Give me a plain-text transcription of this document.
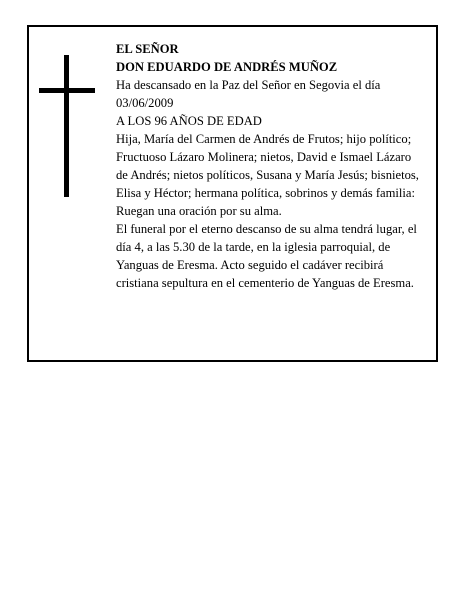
EL SEÑOR

DON EDUARDO DE ANDRÉS MUÑOZ

Ha descansado en la Paz del Señor en Segovia el día 03/06/2009

A LOS 96 AÑOS DE EDAD

Hija, María del Carmen de Andrés de Frutos; hijo político; Fructuoso Lázaro Molinera; nietos, David e Ismael Lázaro de Andrés; nietos políticos, Susana y María Jesús; bisnietos, Elisa y Héctor; hermana política, sobrinos y demás familia:

Ruegan una oración por su alma.

El funeral por el eterno descanso de su alma tendrá lugar, el día 4, a las 5.30 de la tarde, en la iglesia parroquial, de Yanguas de Eresma. Acto seguido el cadáver recibirá cristiana sepultura en el cementerio de Yanguas de Eresma.
